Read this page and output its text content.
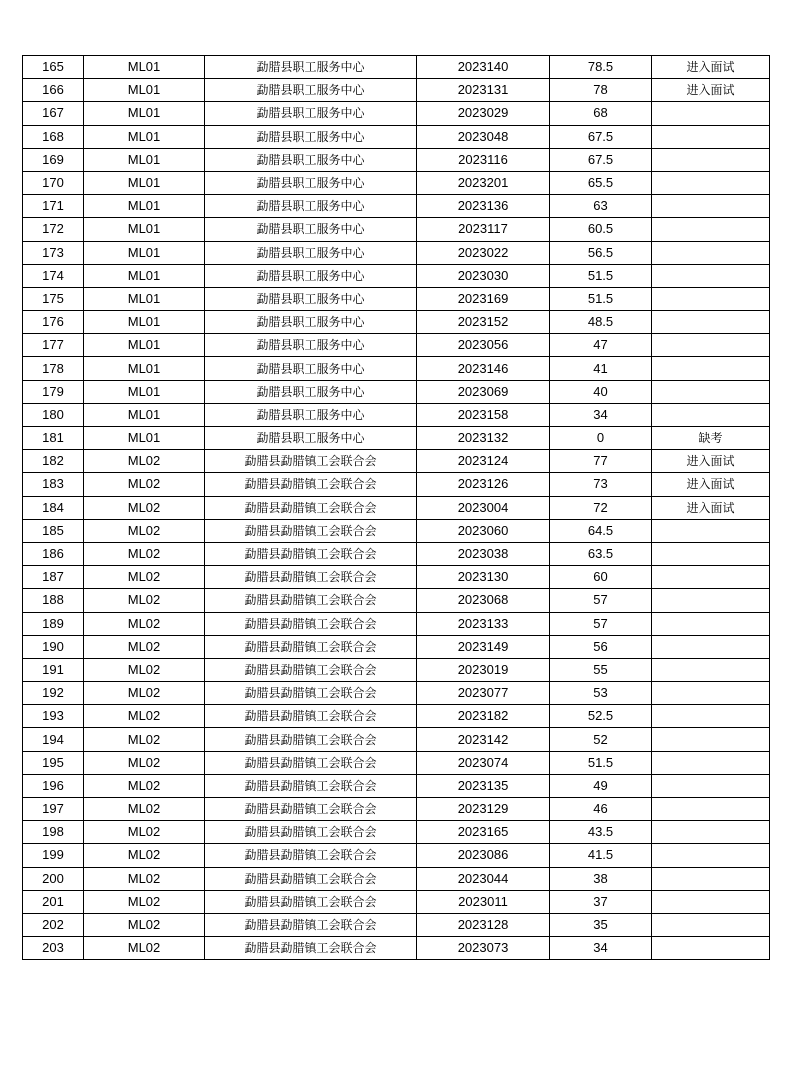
165	ML01	勐腊县职工服务中心	2023140	78.5	进入面试
166	ML01	勐腊县职工服务中心	2023131	78	进入面试
167	ML01	勐腊县职工服务中心	2023029	68	
168	ML01	勐腊县职工服务中心	2023048	67.5	
169	ML01	勐腊县职工服务中心	2023116	67.5	
170	ML01	勐腊县职工服务中心	2023201	65.5	
171	ML01	勐腊县职工服务中心	2023136	63	
172	ML01	勐腊县职工服务中心	2023117	60.5	
173	ML01	勐腊县职工服务中心	2023022	56.5	
174	ML01	勐腊县职工服务中心	2023030	51.5	
175	ML01	勐腊县职工服务中心	2023169	51.5	
176	ML01	勐腊县职工服务中心	2023152	48.5	
177	ML01	勐腊县职工服务中心	2023056	47	
178	ML01	勐腊县职工服务中心	2023146	41	
179	ML01	勐腊县职工服务中心	2023069	40	
180	ML01	勐腊县职工服务中心	2023158	34	
181	ML01	勐腊县职工服务中心	2023132	0	缺考
182	ML02	勐腊县勐腊镇工会联合会	2023124	77	进入面试
183	ML02	勐腊县勐腊镇工会联合会	2023126	73	进入面试
184	ML02	勐腊县勐腊镇工会联合会	2023004	72	进入面试
185	ML02	勐腊县勐腊镇工会联合会	2023060	64.5	
186	ML02	勐腊县勐腊镇工会联合会	2023038	63.5	
187	ML02	勐腊县勐腊镇工会联合会	2023130	60	
188	ML02	勐腊县勐腊镇工会联合会	2023068	57	
189	ML02	勐腊县勐腊镇工会联合会	2023133	57	
190	ML02	勐腊县勐腊镇工会联合会	2023149	56	
191	ML02	勐腊县勐腊镇工会联合会	2023019	55	
192	ML02	勐腊县勐腊镇工会联合会	2023077	53	
193	ML02	勐腊县勐腊镇工会联合会	2023182	52.5	
194	ML02	勐腊县勐腊镇工会联合会	2023142	52	
195	ML02	勐腊县勐腊镇工会联合会	2023074	51.5	
196	ML02	勐腊县勐腊镇工会联合会	2023135	49	
197	ML02	勐腊县勐腊镇工会联合会	2023129	46	
198	ML02	勐腊县勐腊镇工会联合会	2023165	43.5	
199	ML02	勐腊县勐腊镇工会联合会	2023086	41.5	
200	ML02	勐腊县勐腊镇工会联合会	2023044	38	
201	ML02	勐腊县勐腊镇工会联合会	2023011	37	
202	ML02	勐腊县勐腊镇工会联合会	2023128	35	
203	ML02	勐腊县勐腊镇工会联合会	2023073	34	
